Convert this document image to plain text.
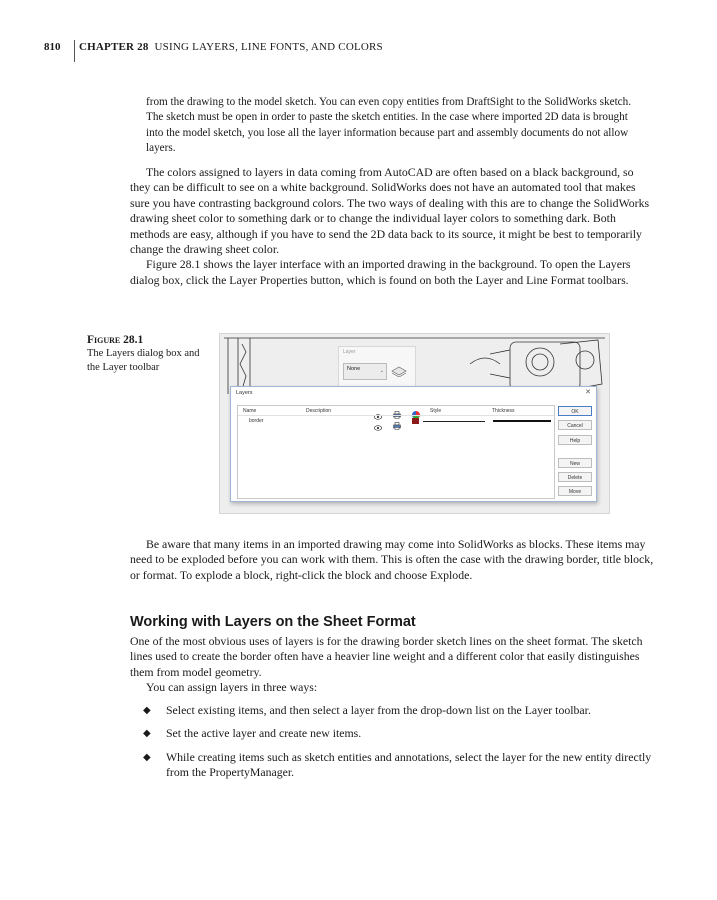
810	CHAPTER 28 USING LAYERS, LINE FONTS, AND COLORS

from the drawing to the model sketch. You can even copy entities from DraftSight to the SolidWorks sketch. The sketch must be open in order to paste the sketch entities. In the case where imported 2D data is brought into the model sketch, you lose all the layer information because part and assembly documents do not allow layers.

The colors assigned to layers in data coming from AutoCAD are often based on a black background, so they can be difficult to see on a white background. SolidWorks does not have an automated tool that makes sure you have contrasting background colors. The two ways of dealing with this are to change the SolidWorks drawing sheet color to something dark or to change the individual layer colors to something dark. Both methods are easy, although if you have to send the 2D data back to its source, it might be best to temporarily change the drawing sheet color.

Figure 28.1 shows the layer interface with an imported drawing in the background. To open the Layers dialog box, click the Layer Properties button, which is found on both the Layer and Line Format toolbars.

Figure 28.1
The Layers dialog box and the Layer toolbar
Layer
None	⌄
Layers	✕
Name	Description	Style	Thickness
border
OK
Cancel
Help
New
Delete
Move

Be aware that many items in an imported drawing may come into SolidWorks as blocks. These items may need to be exploded before you can work with them. This is often the case with the drawing border, title block, or format. To explode a block, right-click the block and choose Explode.

Working with Layers on the Sheet Format

One of the most obvious uses of layers is for the drawing border sketch lines on the sheet format. The sketch lines used to create the border often have a heavier line weight and a different color that easily distinguishes them from model geometry.

You can assign layers in three ways:

◆ Select existing items, and then select a layer from the drop-down list on the Layer toolbar.
◆ Set the active layer and create new items.
◆ While creating items such as sketch entities and annotations, select the layer for the new entity directly from the PropertyManager.
